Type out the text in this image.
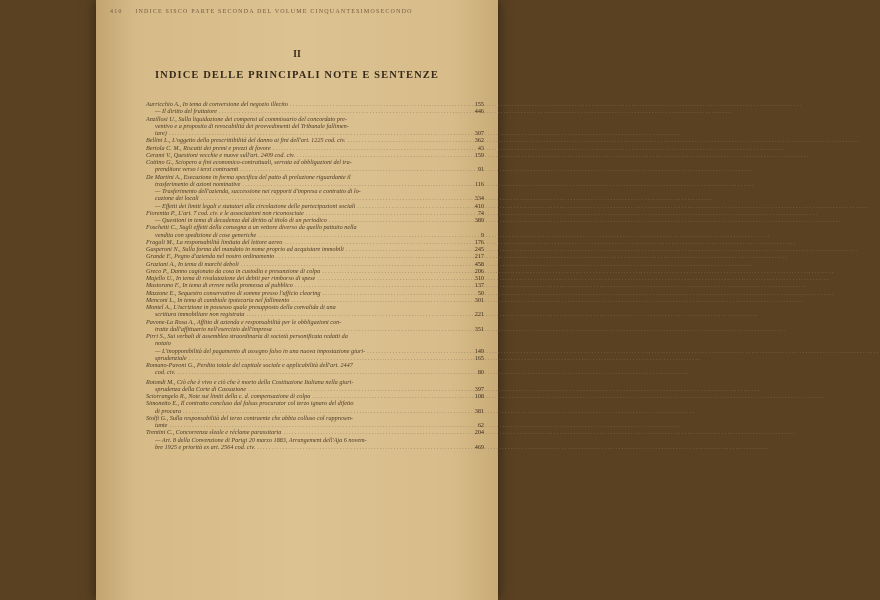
410 INDICE SISCO PARTE SECONDA DEL VOLUME CINQUANTESIMOSECONDO
II
INDICE DELLE PRINCIPALI NOTE E SENTENZE
Aurricchio A., In tema di conversione del negozio illecito .....	155
— Il diritto del fruttatore .....	446
Anzillosi U., Sulla liquidazione dei compensi al commissario del concordato pre-
ventivo e a proposito di revocabilità dei provvedimenti del Tribunale fallimen-
tare) .....	307
Bellini L., L'oggetto della prescrittibilità del danno ai fini dell'art. 1225 cod. civ. .....	362
Bertola C. M., Riscatti dei premi e prezzi di favore .....	43
Cerami V., Questioni vecchie e nuove sull'art. 2409 cod. civ. .....	159
Cottino G., Sciopero a fini economico-contrattuali, serrata ed obbligazioni del tra-
prenditore verso i terzi contraenti .....	91
De Martini A., Esecuzione in forma specifica del patto di prelazione riguardante il
trasferimento di azioni nominative .....	116
— Trasferimento dell'azienda, successione nei rapporti d'impresa e contratto di lo-
cazione dei locali .....	334
— Effetti dei limiti legali e statutari alla circolazione delle partecipazioni sociali .....	410
Fiorentta P., L'art. 7 cod. civ. e le associazioni non riconosciute .....	74
— Questioni in tema di decadenza dal diritto al titolo di un periodico .....	389
Foschetti C., Sugli effetti della consegna a un vettore diverso da quello pattuito nella
vendita con spedizione di cose generiche .....	9
Fragali M., La responsabilità limitata del lettore aereo .....	176
Gasperoni N., Sulla forma del mandato in nome proprio ad acquistare immobili .....	245
Grande F., Pegno d'azienda nel nostro ordinamento .....	217
Graziani A., In tema di marchi deboli .....	458
Greco P., Danno cagionato da cosa in custodia e presunzione di colpa .....	206
Majello U., In tema di rivalutazione dei debiti per rimborso di spese .....	310
Mastorano F., In tema di errore nella promessa al pubblico .....	137
Mazzone E., Sequestro conservativo di somme presso l'ufficio clearing .....	50
Menconi L., In tema di cambiale ipotecaria nel fallimento .....	301
Montel A., L'iscrizione in possesso quale presupposto della convalida di una
scrittura immobiliare non registrata .....	221
Pavone-La Rosa A., Affitto di azienda e responsabilità per le obbligazioni con-
tratte dall'affittuario nell'esercizio dell'impresa .....	351
Pirri S., Sui verbali di assemblea straordinaria di società personificata redatti da
notaio
— L'inopponibilità del pagamento di assegno falso in una nuova impostazione giuri- .....	149
sprudenziale .....	165
Romano-Pavoni G., Perdita totale del capitale sociale e applicabilità dell'art. 2447
cod. civ. .....	80
Rotondi M., Ciò che è vivo e ciò che è morto della Costituzione Italiana nella giuri-
sprudenza della Corte di Cassazione .....	397
Sciorrangelo R., Note sui limiti della c. d. compensazione di colpa .....	108
Simonetto E., Il contratto concluso dal falsus procurator col terzo ignaro del difetto
di procura .....	381
Stolfi G., Sulla responsabilità del terzo contraente che abbia colluso col rappresen-
tante .....	62
Trentini C., Concorrenza sleale e réclame parassitaria .....	204
— Art. 8 della Convenzione di Parigi 20 marzo 1883, Arrangement dell'Aja 6 novem-
bre 1925 e priorità ex art. 2564 cod. civ. .....	469
